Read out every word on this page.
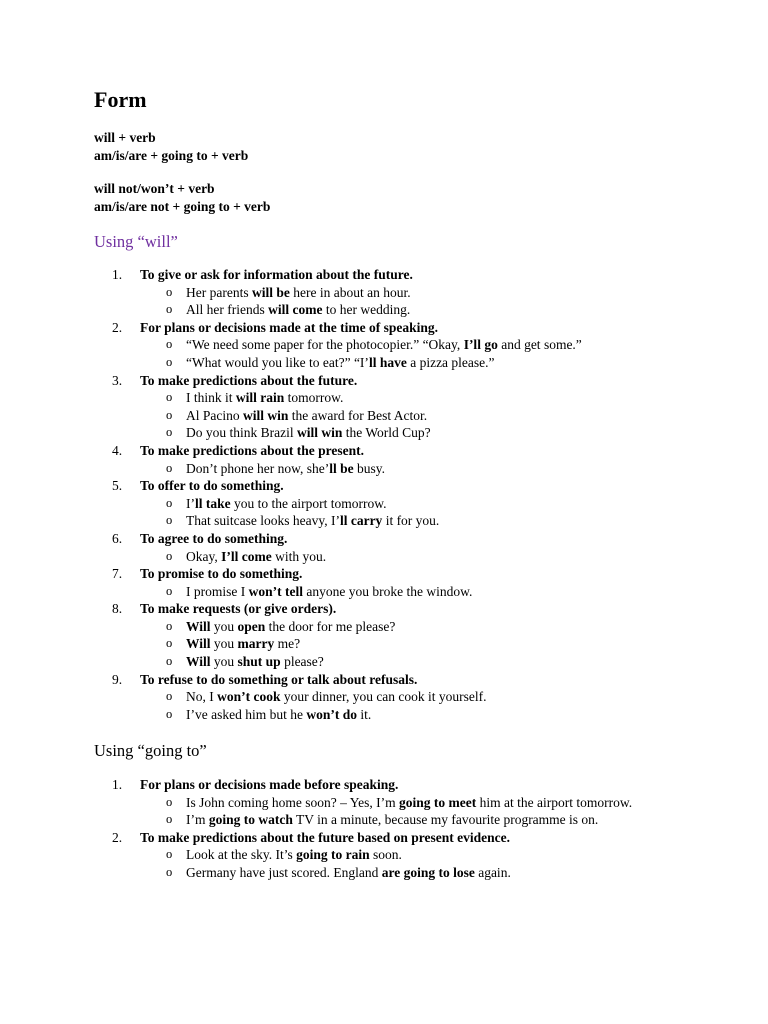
Form
will + verb
am/is/are + going to + verb
will not/won’t + verb
am/is/are not + going to + verb
Using “will”
1.	To give or ask for information about the future.
o Her parents will be here in about an hour.
o All her friends will come to her wedding.
2.	For plans or decisions made at the time of speaking.
o “We need some paper for the photocopier.” “Okay, I’ll go and get some.”
o “What would you like to eat?” “I’ll have a pizza please.”
3.	To make predictions about the future.
o I think it will rain tomorrow.
o Al Pacino will win the award for Best Actor.
o Do you think Brazil will win the World Cup?
4.	To make predictions about the present.
o Don’t phone her now, she’ll be busy.
5.	To offer to do something.
o I’ll take you to the airport tomorrow.
o That suitcase looks heavy, I’ll carry it for you.
6.	To agree to do something.
o Okay, I’ll come with you.
7.	To promise to do something.
o I promise I won’t tell anyone you broke the window.
8.	To make requests (or give orders).
o Will you open the door for me please?
o Will you marry me?
o Will you shut up please?
9.	To refuse to do something or talk about refusals.
o No, I won’t cook your dinner, you can cook it yourself.
o I’ve asked him but he won’t do it.
Using “going to”
1.	For plans or decisions made before speaking.
o Is John coming home soon? – Yes, I’m going to meet him at the airport tomorrow.
o I’m going to watch TV in a minute, because my favourite programme is on.
2.	To make predictions about the future based on present evidence.
o Look at the sky. It’s going to rain soon.
o Germany have just scored. England are going to lose again.
